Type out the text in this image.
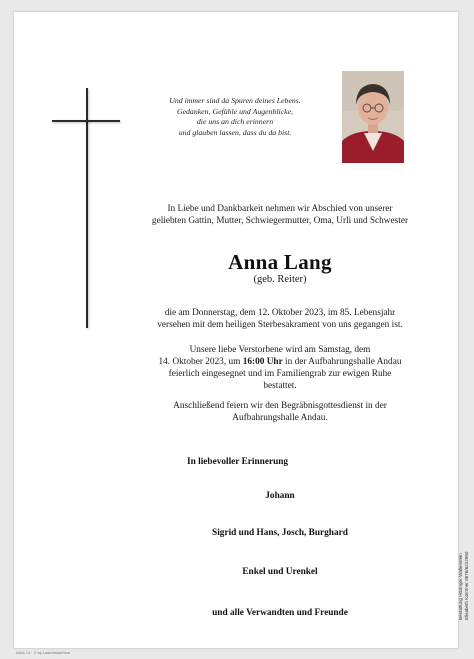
Und immer sind da Spuren deines Lebens.
Gedanken, Gefühle und Augenblicke,
die uns an dich erinnern
und glauben lassen, dass du da bist.
In Liebe und Dankbarkeit nehmen wir Abschied von unserer
geliebten Gattin, Mutter, Schwiegermutter, Oma, Urli und Schwester
Anna Lang
(geb. Reiter)
die am Donnerstag, dem 12. Oktober 2023, im 85. Lebensjahr
versehen mit dem heiligen Sterbesakrament von uns gegangen ist.
Unsere liebe Verstorbene wird am Samstag, dem
14. Oktober 2023, um 16:00 Uhr in der Aufbahrungshalle Andau
feierlich eingesegnet und im Familiengrab zur ewigen Ruhe
bestattet.
Anschließend feiern wir den Begräbnisgottesdienst in der
Aufbahrungshalle Andau.
In liebevoller Erinnerung
Johann
Sigrid und Hans, Josch, Burghard
Enkel und Urenkel
und alle Verwandten und Freunde	Bestattung Hözinger-Wallenstein Elisabeth Kärntner 0676/6222950
A5/A 74 · © by Lasermaschine
